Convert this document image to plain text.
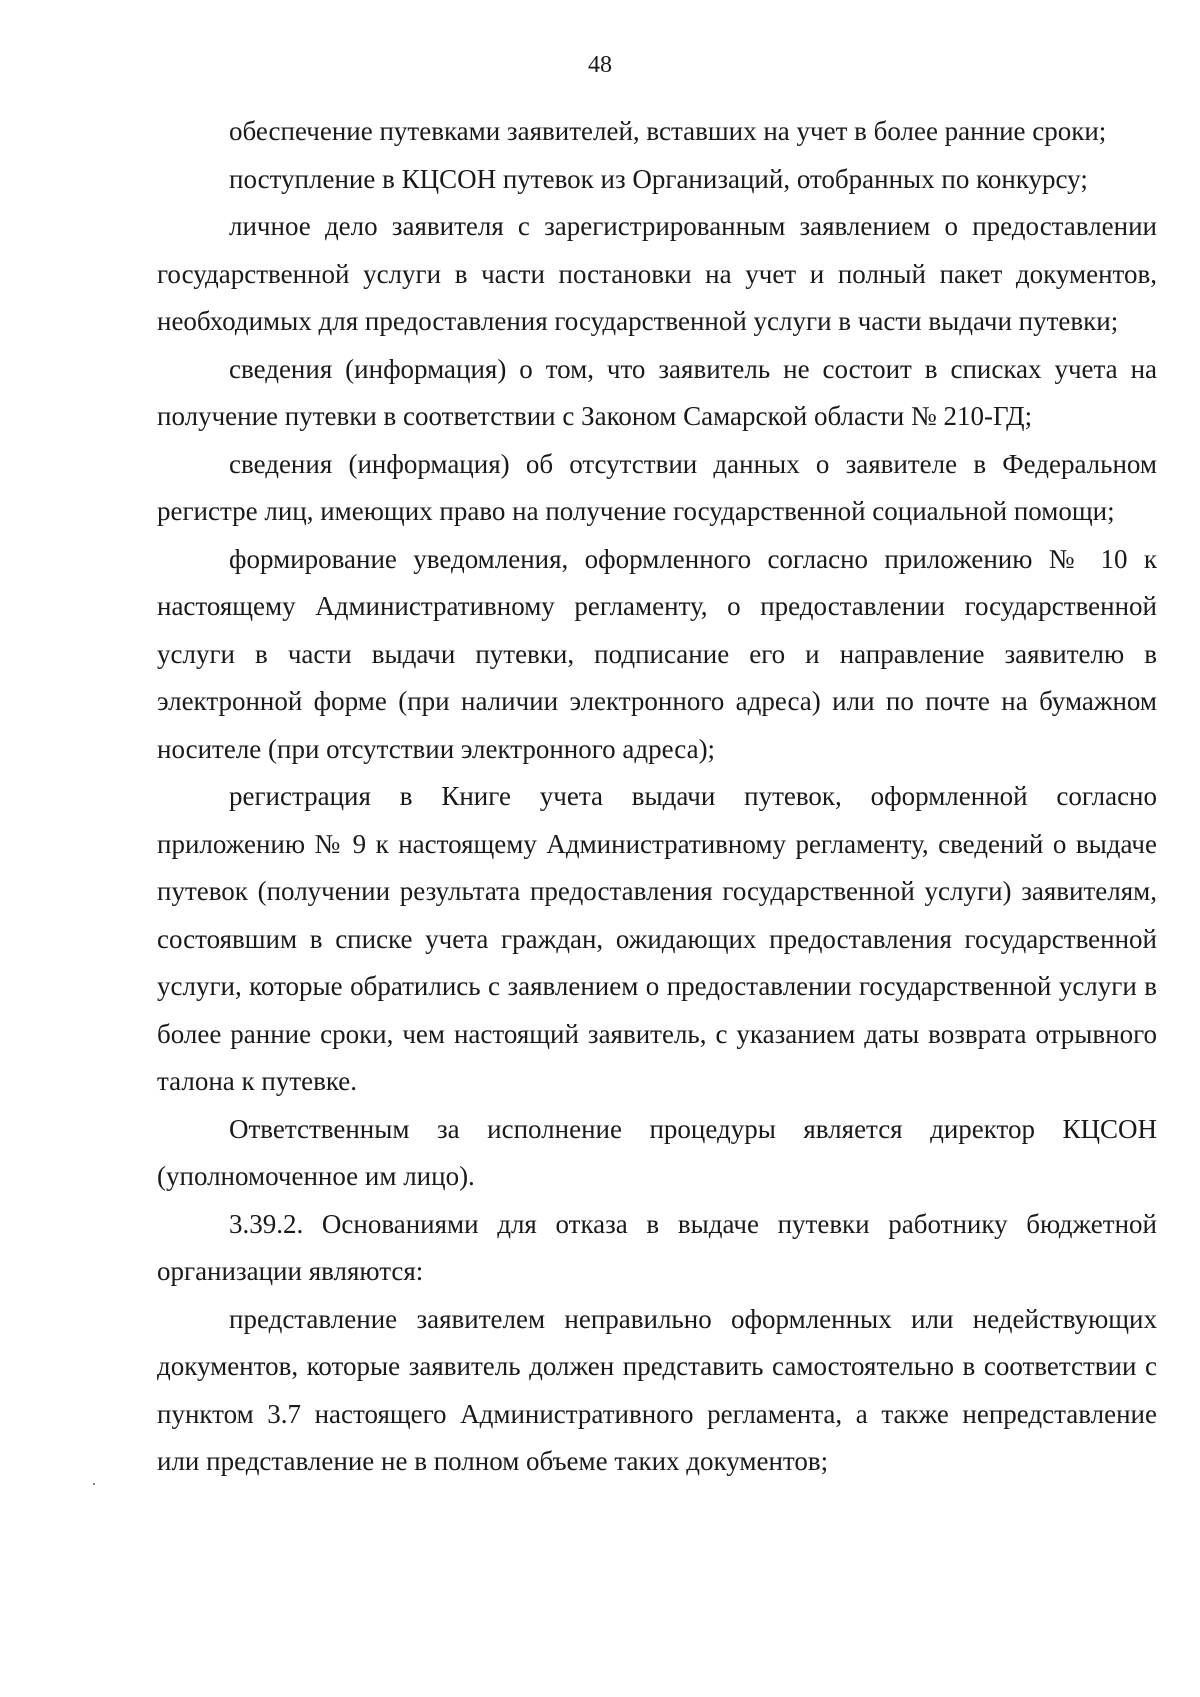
48

обеспечение путевками заявителей, вставших на учет в более ранние сроки;

поступление в КЦСОН путевок из Организаций, отобранных по конкурсу;

личное дело заявителя с зарегистрированным заявлением о предоставлении государственной услуги в части постановки на учет и полный пакет документов, необходимых для предоставления государственной услуги в части выдачи путевки;

сведения (информация) о том, что заявитель не состоит в списках учета на получение путевки в соответствии с Законом Самарской области № 210-ГД;

сведения (информация) об отсутствии данных о заявителе в Федеральном регистре лиц, имеющих право на получение государственной социальной помощи;

формирование уведомления, оформленного согласно приложению № 10 к настоящему Административному регламенту, о предоставлении государственной услуги в части выдачи путевки, подписание его и направление заявителю в электронной форме (при наличии электронного адреса) или по почте на бумажном носителе (при отсутствии электронного адреса);

регистрация в Книге учета выдачи путевок, оформленной согласно приложению № 9 к настоящему Административному регламенту, сведений о выдаче путевок (получении результата предоставления государственной услуги) заявителям, состоявшим в списке учета граждан, ожидающих предоставления государственной услуги, которые обратились с заявлением о предоставлении государственной услуги в более ранние сроки, чем настоящий заявитель, с указанием даты возврата отрывного талона к путевке.

Ответственным за исполнение процедуры является директор КЦСОН (уполномоченное им лицо).

3.39.2. Основаниями для отказа в выдаче путевки работнику бюджетной организации являются:

представление заявителем неправильно оформленных или недействующих документов, которые заявитель должен представить самостоятельно в соответствии с пунктом 3.7 настоящего Административного регламента, а также непредставление или представление не в полном объеме таких документов;
